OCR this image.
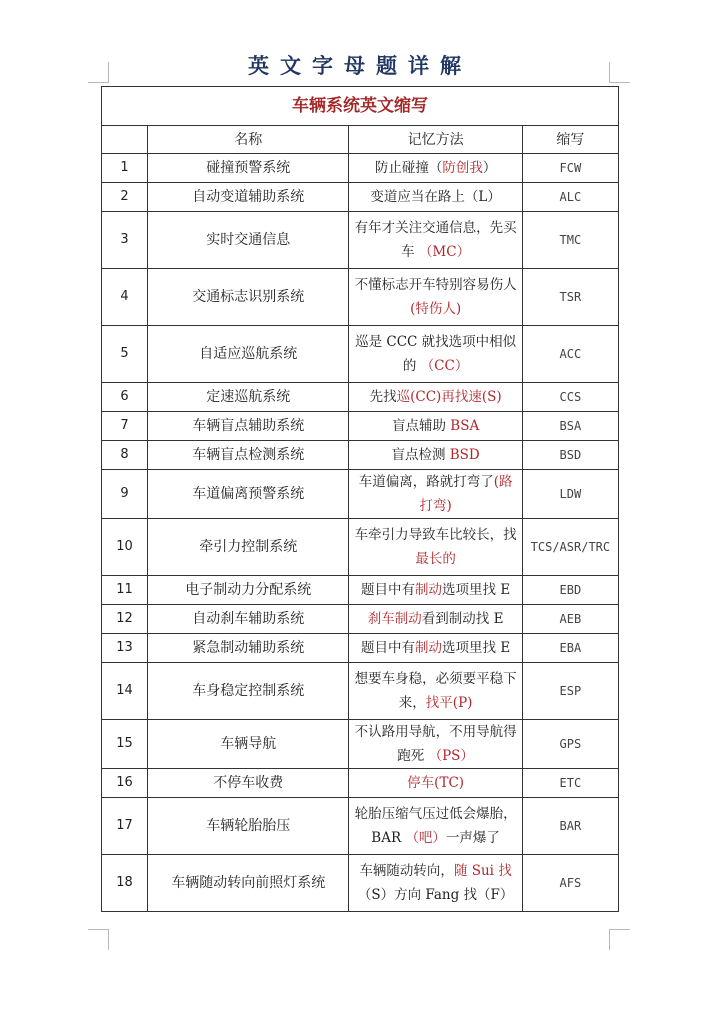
英文字母题详解
车辆系统英文缩写			
	名称	记忆方法	缩写
1	碰撞预警系统	防止碰撞（防创我）	FCW
2	自动变道辅助系统	变道应当在路上（L）	ALC
3	实时交通信息	有年才关注交通信息，先买车 （MC）	TMC
4	交通标志识别系统	不懂标志开车特别容易伤人(特伤人)	TSR
5	自适应巡航系统	巡是 CCC 就找选项中相似的 （CC）	ACC
6	定速巡航系统	先找巡(CC)再找速(S)	CCS
7	车辆盲点辅助系统	盲点辅助 BSA	BSA
8	车辆盲点检测系统	盲点检测 BSD	BSD
9	车道偏离预警系统	车道偏离，路就打弯了(路打弯)	LDW
10	牵引力控制系统	车牵引力导致车比较长，找最长的	TCS/ASR/TRC
11	电子制动力分配系统	题目中有制动选项里找 E	EBD
12	自动刹车辅助系统	刹车制动看到制动找 E	AEB
13	紧急制动辅助系统	题目中有制动选项里找 E	EBA
14	车身稳定控制系统	想要车身稳，必须要平稳下来，找平(P)	ESP
15	车辆导航	不认路用导航，不用导航得跑死 （PS）	GPS
16	不停车收费	停车(TC)	ETC
17	车辆轮胎胎压	轮胎压缩气压过低会爆胎，BAR （吧）一声爆了	BAR
18	车辆随动转向前照灯系统	车辆随动转向，随 Sui 找（S）方向 Fang 找（F）	AFS
